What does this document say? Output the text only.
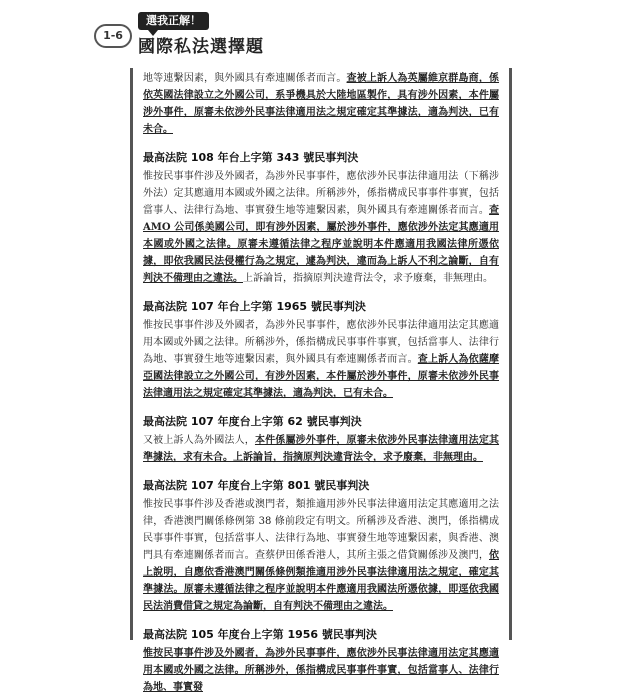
1-6
選我正解！
國際私法選擇題

地等連繫因素，與外國具有牽連關係者而言。查被上訴人為英屬維京群島商，係依英國法律設立之外國公司，系爭機具於大陸地區製作，具有涉外因素，本件屬涉外事件，原審未依涉外民事法律適用法之規定確定其準據法，適為判決，已有未合。

最高法院 108 年台上字第 343 號民事判決

惟按民事事件涉及外國者，為涉外民事事件，應依涉外民事法律適用法（下稱涉外法）定其應適用本國或外國之法律。所稱涉外，係指構成民事事件事實，包括當事人、法律行為地、事實發生地等連繫因素，與外國具有牽連關係者而言。查 AMO 公司係美國公司，即有涉外因素，屬於涉外事件，應依涉外法定其應適用本國或外國之法律。原審未遵循法律之程序並說明本件應適用我國法律所憑依據，即依我國民法侵權行為之規定，遽為判決，違而為上訴人不利之論斷，自有判決不備理由之違法。上訴論旨，指摘原判決違背法令，求予廢棄，非無理由。

最高法院 107 年台上字第 1965 號民事判決

惟按民事事件涉及外國者，為涉外民事事件，應依涉外民事法律適用法定其應適用本國或外國之法律。所稱涉外，係指構成民事事件事實，包括當事人、法律行為地、事實發生地等連繫因素，與外國具有牽連關係者而言。查上訴人為依薩摩亞國法律設立之外國公司，有涉外因素，本件屬於涉外事件，原審未依涉外民事法律適用法之規定確定其準據法，適為判決，已有未合。

最高法院 107 年度台上字第 62 號民事判決

又被上訴人為外國法人，本件係屬涉外事件，原審未依涉外民事法律適用法定其準據法，求有未合。上訴論旨，指摘原判決違背法令，求予廢棄，非無理由。

最高法院 107 年度台上字第 801 號民事判決

惟按民事事件涉及香港或澳門者，類推適用涉外民事法律適用法定其應適用之法律，香港澳門關係條例第 38 條前段定有明文。所稱涉及香港、澳門，係指構成民事事件事實，包括當事人、法律行為地、事實發生地等連繫因素，與香港、澳門具有牽連關係者而言。查蔡伊田係香港人，其所主張之借貸關係涉及澳門，依上說明，自應依香港澳門關係條例類推適用涉外民事法律適用法之規定，確定其準據法。原審未遵循法律之程序並說明本件應適用我國法所憑依據，即逕依我國民法消費借貸之規定為論斷，自有判決不備理由之違法。

最高法院 105 年度台上字第 1956 號民事判決

惟按民事事件涉及外國者，為涉外民事事件，應依涉外民事法律適用法定其應適用本國或外國之法律。所稱涉外，係指構成民事事件事實，包括當事人、法律行為地、事實發
